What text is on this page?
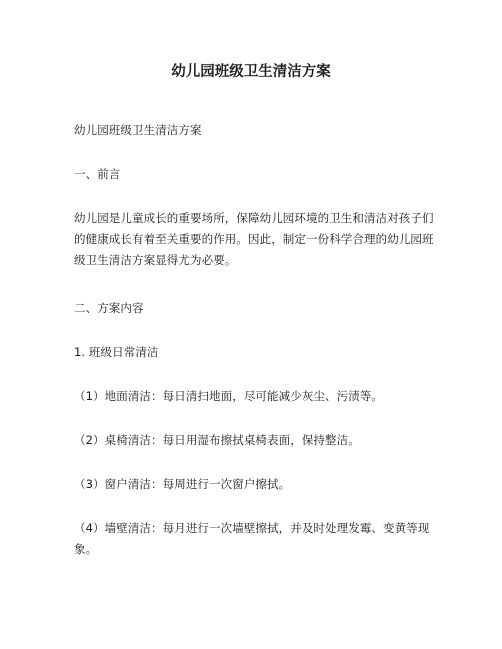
幼儿园班级卫生清洁方案
幼儿园班级卫生清洁方案
一、前言
幼儿园是儿童成长的重要场所，保障幼儿园环境的卫生和清洁对孩子们的健康成长有着至关重要的作用。因此，制定一份科学合理的幼儿园班级卫生清洁方案显得尤为必要。
二、方案内容
1. 班级日常清洁
（1）地面清洁：每日清扫地面，尽可能减少灰尘、污渍等。
（2）桌椅清洁：每日用湿布擦拭桌椅表面，保持整洁。
（3）窗户清洁：每周进行一次窗户擦拭。
（4）墙壁清洁：每月进行一次墙壁擦拭，并及时处理发霉、变黄等现象。
